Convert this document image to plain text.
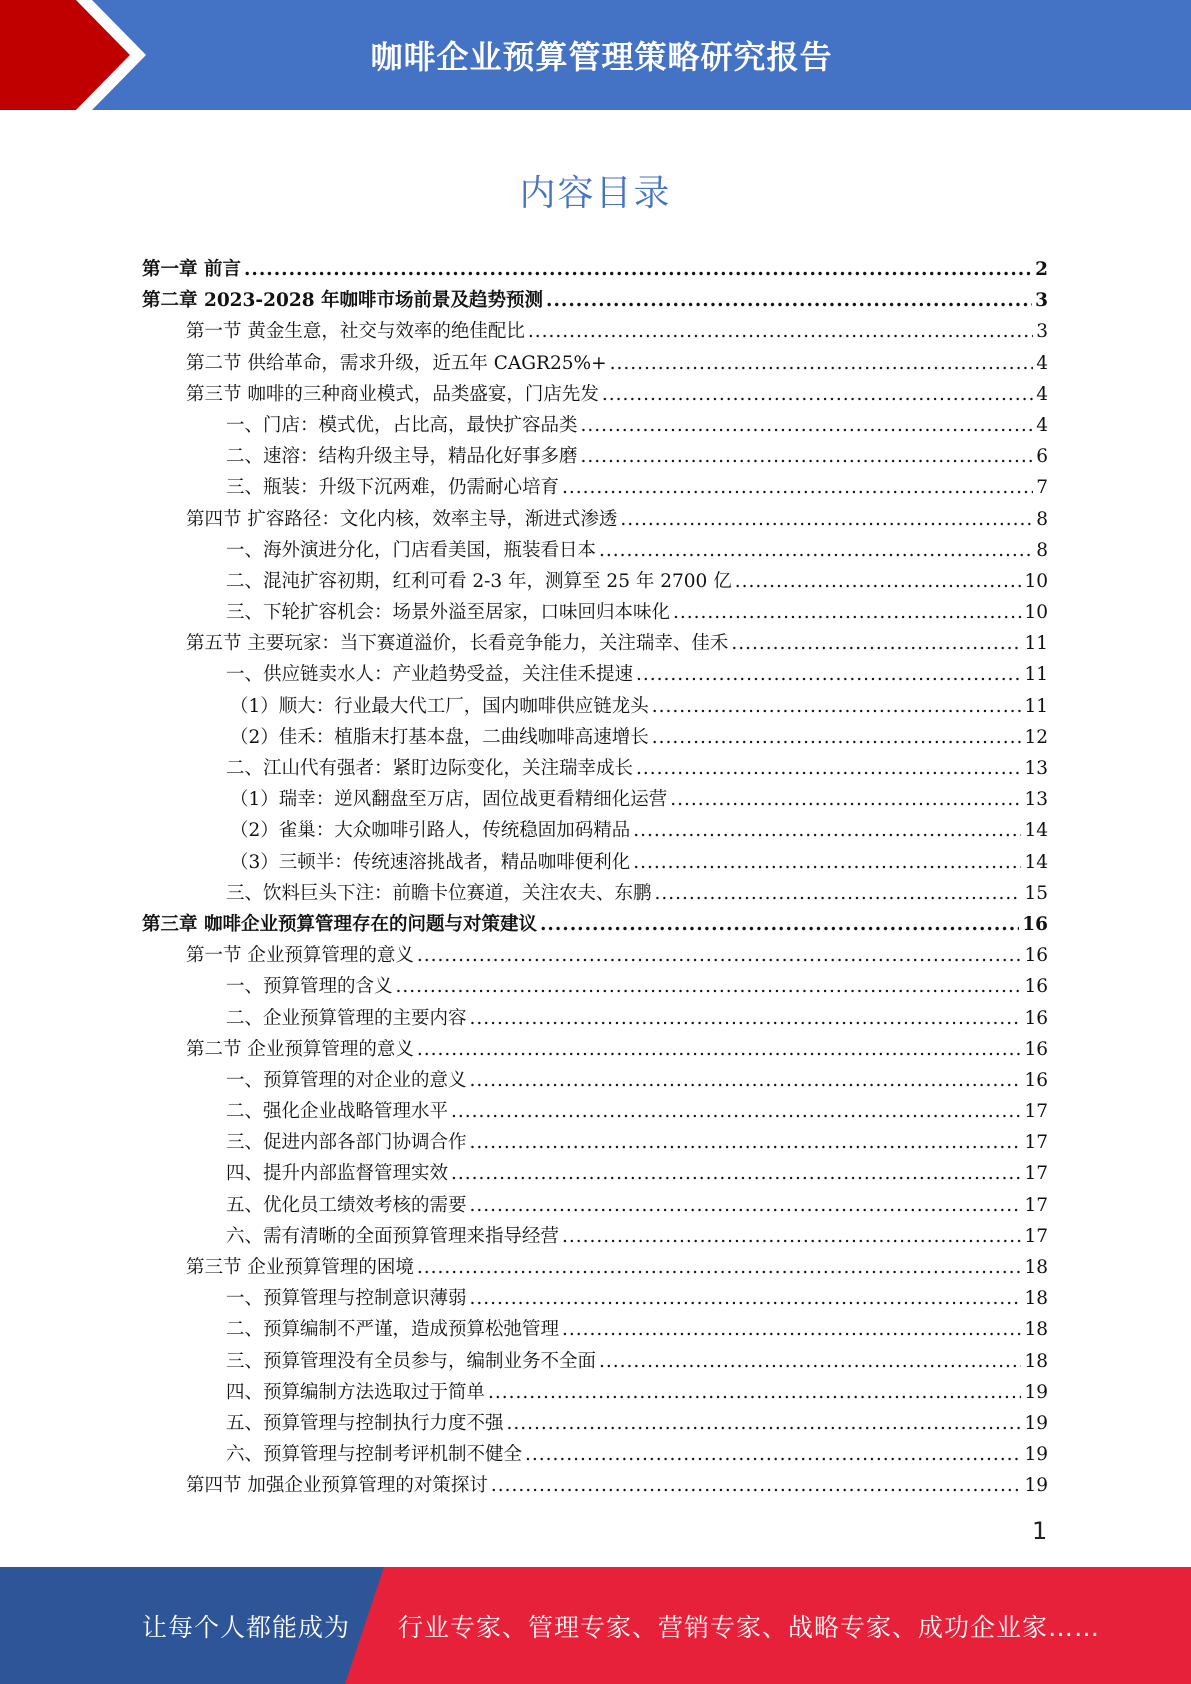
咖啡企业预算管理策略研究报告
内容目录
第一章 前言 .....	2
第二章 2023-2028 年咖啡市场前景及趋势预测 .....	3
第一节 黄金生意，社交与效率的绝佳配比 .....	3
第二节 供给革命，需求升级，近五年 CAGR25%+ .....	4
第三节 咖啡的三种商业模式，品类盛宴，门店先发 .....	4
一、门店：模式优，占比高，最快扩容品类 .....	4
二、速溶：结构升级主导，精品化好事多磨 .....	6
三、瓶装：升级下沉两难，仍需耐心培育 .....	7
第四节 扩容路径：文化内核，效率主导，渐进式渗透 .....	8
一、海外演进分化，门店看美国，瓶装看日本 .....	8
二、混沌扩容初期，红利可看 2-3 年，测算至 25 年 2700 亿 .....	10
三、下轮扩容机会：场景外溢至居家，口味回归本味化 .....	10
第五节 主要玩家：当下赛道溢价，长看竞争能力，关注瑞幸、佳禾 .....	11
一、供应链卖水人：产业趋势受益，关注佳禾提速 .....	11
（1）顺大：行业最大代工厂，国内咖啡供应链龙头 .....	11
（2）佳禾：植脂末打基本盘，二曲线咖啡高速增长 .....	12
二、江山代有强者：紧盯边际变化，关注瑞幸成长 .....	13
（1）瑞幸：逆风翻盘至万店，固位战更看精细化运营 .....	13
（2）雀巢：大众咖啡引路人，传统稳固加码精品 .....	14
（3）三顿半：传统速溶挑战者，精品咖啡便利化 .....	14
三、饮料巨头下注：前瞻卡位赛道，关注农夫、东鹏 .....	15
第三章 咖啡企业预算管理存在的问题与对策建议 .....	16
第一节 企业预算管理的意义 .....	16
一、预算管理的含义 .....	16
二、企业预算管理的主要内容 .....	16
第二节 企业预算管理的意义 .....	16
一、预算管理的对企业的意义 .....	16
二、强化企业战略管理水平 .....	17
三、促进内部各部门协调合作 .....	17
四、提升内部监督管理实效 .....	17
五、优化员工绩效考核的需要 .....	17
六、需有清晰的全面预算管理来指导经营 .....	17
第三节 企业预算管理的困境 .....	18
一、预算管理与控制意识薄弱 .....	18
二、预算编制不严谨，造成预算松弛管理 .....	18
三、预算管理没有全员参与，编制业务不全面 .....	18
四、预算编制方法选取过于简单 .....	19
五、预算管理与控制执行力度不强 .....	19
六、预算管理与控制考评机制不健全 .....	19
第四节 加强企业预算管理的对策探讨 .....	19
1
让每个人都能成为 行业专家、管理专家、营销专家、战略专家、成功企业家……
